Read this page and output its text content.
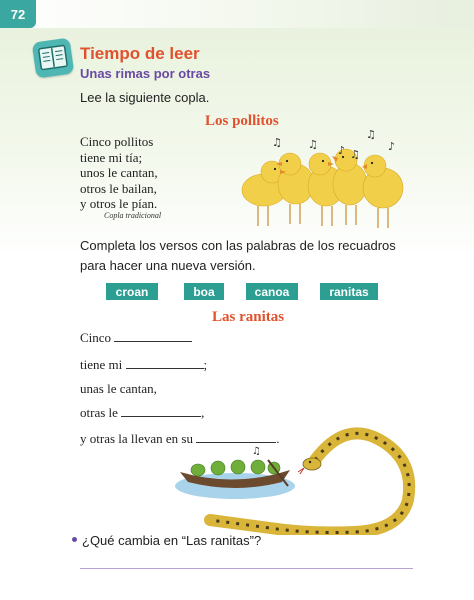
72
Tiempo de leer
Unas rimas por otras
Lee la siguiente copla.
Los pollitos
Cinco pollitos
tiene mi tía;
unos le cantan,
otros le bailan,
y otros le pían.
Copla tradicional
♫ ♫ ♪ ♫
♫
♪
Completa los versos con las palabras de los recuadros
para hacer una nueva versión.
croan	boa	canoa	ranitas
Las ranitas
Cinco
tiene mi	;
unas le cantan,
otras le	,
y otras la llevan en su	.
♫
¿Qué cambia en “Las ranitas”?
